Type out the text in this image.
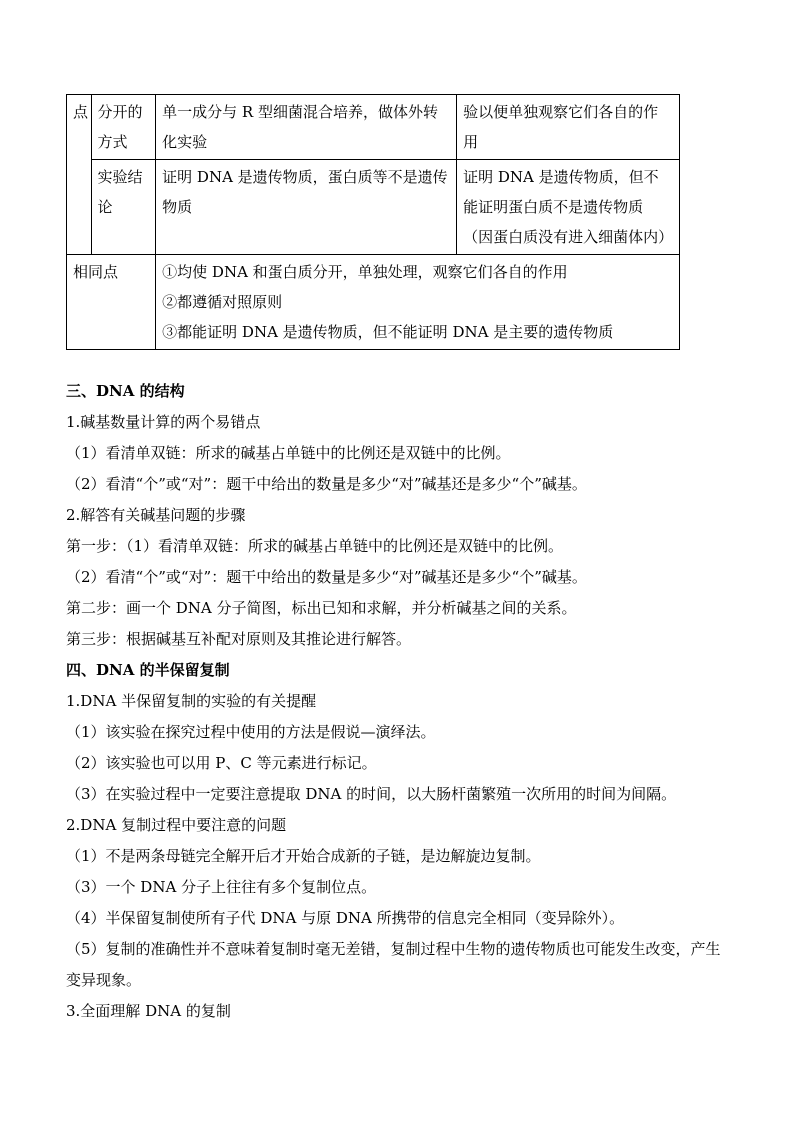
点	分开的方式	单一成分与 R 型细菌混合培养，做体外转化实验	验以便单独观察它们各自的作用
	实验结论	证明 DNA 是遗传物质，蛋白质等不是遗传物质	证明 DNA 是遗传物质，但不能证明蛋白质不是遗传物质（因蛋白质没有进入细菌体内）
相同点		①均使 DNA 和蛋白质分开，单独处理，观察它们各自的作用
②都遵循对照原则
③都能证明 DNA 是遗传物质，但不能证明 DNA 是主要的遗传物质	
三、DNA 的结构
1.碱基数量计算的两个易错点
（1）看清单双链：所求的碱基占单链中的比例还是双链中的比例。
（2）看清“个”或“对”：题干中给出的数量是多少“对”碱基还是多少“个”碱基。
2.解答有关碱基问题的步骤
第一步：（1）看清单双链：所求的碱基占单链中的比例还是双链中的比例。
（2）看清“个”或“对”：题干中给出的数量是多少“对”碱基还是多少“个”碱基。
第二步：画一个 DNA 分子简图，标出已知和求解，并分析碱基之间的关系。
第三步：根据碱基互补配对原则及其推论进行解答。
四、DNA 的半保留复制
1.DNA 半保留复制的实验的有关提醒
（1）该实验在探究过程中使用的方法是假说—演绎法。
（2）该实验也可以用 P、C 等元素进行标记。
（3）在实验过程中一定要注意提取 DNA 的时间，以大肠杆菌繁殖一次所用的时间为间隔。
2.DNA 复制过程中要注意的问题
（1）不是两条母链完全解开后才开始合成新的子链，是边解旋边复制。
（3）一个 DNA 分子上往往有多个复制位点。
（4）半保留复制使所有子代 DNA 与原 DNA 所携带的信息完全相同（变异除外）。
（5）复制的准确性并不意味着复制时毫无差错，复制过程中生物的遗传物质也可能发生改变，产生变异现象。
3.全面理解 DNA 的复制
